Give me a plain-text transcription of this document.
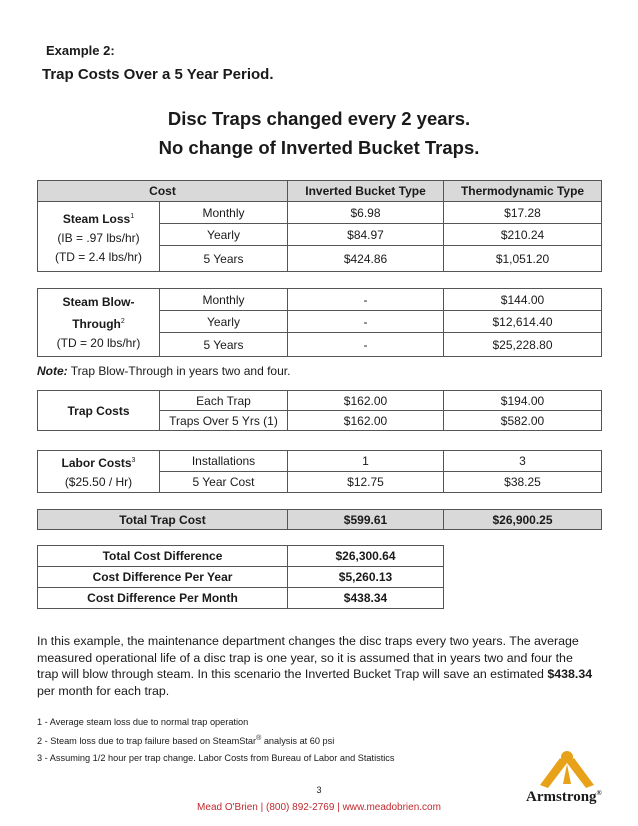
Example 2:
Trap Costs Over a 5 Year Period.
Disc Traps changed every 2 years.
No change of Inverted Bucket Traps.
Cost		Inverted Bucket Type	Thermodynamic Type
Steam Loss$^1$
(IB = .97 lbs/hr)
(TD = 2.4 lbs/hr)	Monthly	$6.98	$17.28
	Yearly	$84.97	$210.24
	5 Years	$424.86	$1,051.20
Steam Blow-
Through$^2$
(TD = 20 lbs/hr)	Monthly	-	$144.00
	Yearly	-	$12,614.40
	5 Years	-	$25,228.80
Note: Trap Blow-Through in years two and four.
Trap Costs	Each Trap	$162.00	$194.00
	Traps Over 5 Yrs (1)	$162.00	$582.00
Labor Costs$^3$
($25.50 / Hr)	Installations	1	3
	5 Year Cost	$12.75	$38.25
Total Trap Cost	$599.61	$26,900.25
Total Cost Difference	$26,300.64
Cost Difference Per Year	$5,260.13
Cost Difference Per Month	$438.34
In this example, the maintenance department changes the disc traps every two years. The average measured operational life of a disc trap is one year, so it is assumed that in years two and four the trap will blow through steam. In this scenario the Inverted Bucket Trap will save an estimated $438.34 per month for each trap.
1 - Average steam loss due to normal trap operation
2 - Steam loss due to trap failure based on SteamStar® analysis at 60 psi
3 - Assuming 1/2 hour per trap change. Labor Costs from Bureau of Labor and Statistics
3
Mead O'Brien | (800) 892-2769 | www.meadobrien.com
Armstrong®
